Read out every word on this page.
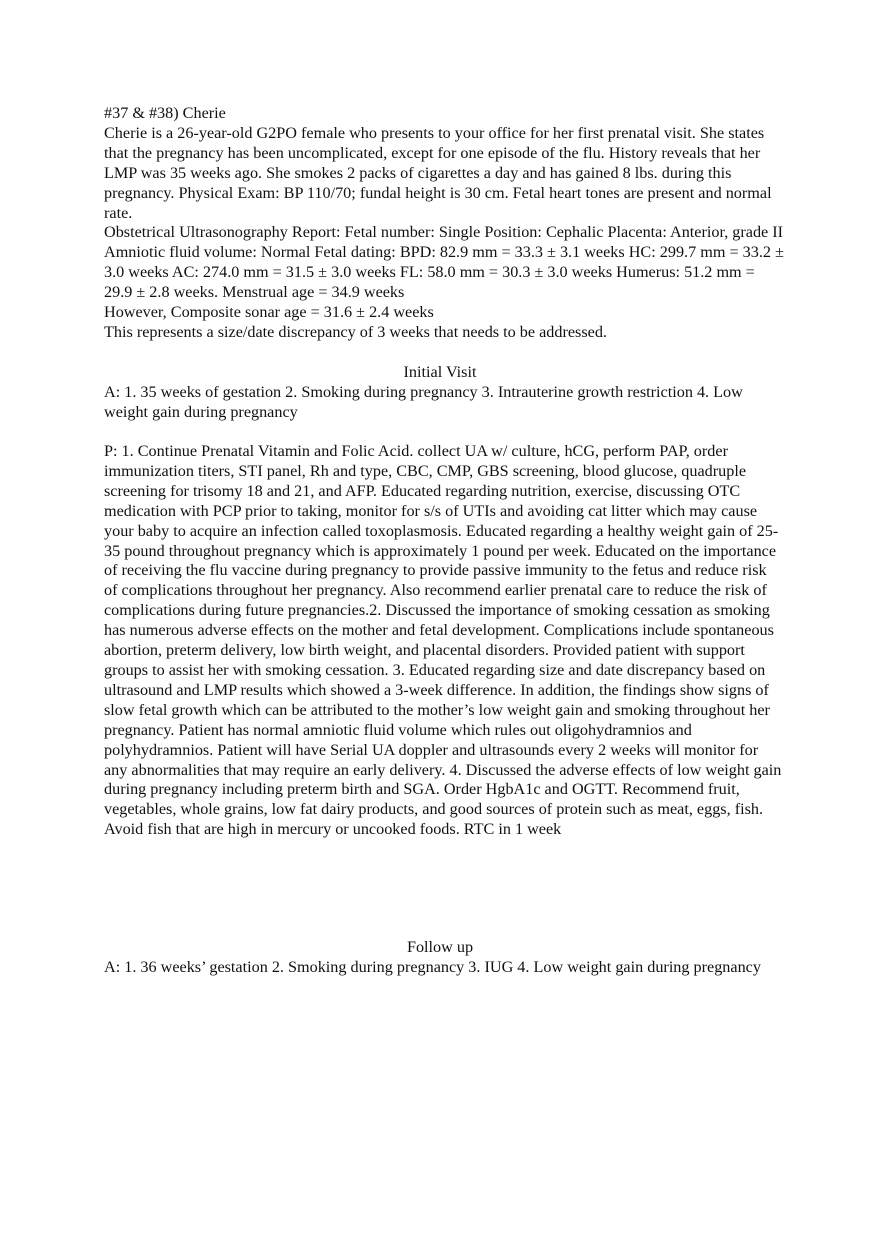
#37 & #38) Cherie

Cherie is a 26-year-old G2PO female who presents to your office for her first prenatal visit. She states that the pregnancy has been uncomplicated, except for one episode of the flu. History reveals that her LMP was 35 weeks ago. She smokes 2 packs of cigarettes a day and has gained 8 lbs. during this pregnancy. Physical Exam: BP 110/70; fundal height is 30 cm. Fetal heart tones are present and normal rate.

Obstetrical Ultrasonography Report: Fetal number: Single Position: Cephalic Placenta: Anterior, grade II Amniotic fluid volume: Normal Fetal dating: BPD: 82.9 mm = 33.3 ± 3.1 weeks HC: 299.7 mm = 33.2 ± 3.0 weeks AC: 274.0 mm = 31.5 ± 3.0 weeks FL: 58.0 mm = 30.3 ± 3.0 weeks Humerus: 51.2 mm = 29.9 ± 2.8 weeks. Menstrual age = 34.9 weeks

However, Composite sonar age = 31.6 ± 2.4 weeks

This represents a size/date discrepancy of 3 weeks that needs to be addressed.

Initial Visit

A: 1. 35 weeks of gestation 2. Smoking during pregnancy 3. Intrauterine growth restriction 4. Low weight gain during pregnancy

P: 1. Continue Prenatal Vitamin and Folic Acid. collect UA w/ culture, hCG, perform PAP, order immunization titers, STI panel, Rh and type, CBC, CMP, GBS screening, blood glucose, quadruple screening for trisomy 18 and 21, and AFP. Educated regarding nutrition, exercise, discussing OTC medication with PCP prior to taking, monitor for s/s of UTIs and avoiding cat litter which may cause your baby to acquire an infection called toxoplasmosis. Educated regarding a healthy weight gain of 25-35 pound throughout pregnancy which is approximately 1 pound per week. Educated on the importance of receiving the flu vaccine during pregnancy to provide passive immunity to the fetus and reduce risk of complications throughout her pregnancy. Also recommend earlier prenatal care to reduce the risk of complications during future pregnancies.2. Discussed the importance of smoking cessation as smoking has numerous adverse effects on the mother and fetal development. Complications include spontaneous abortion, preterm delivery, low birth weight, and placental disorders. Provided patient with support groups to assist her with smoking cessation. 3. Educated regarding size and date discrepancy based on ultrasound and LMP results which showed a 3-week difference. In addition, the findings show signs of slow fetal growth which can be attributed to the mother’s low weight gain and smoking throughout her pregnancy. Patient has normal amniotic fluid volume which rules out oligohydramnios and polyhydramnios. Patient will have Serial UA doppler and ultrasounds every 2 weeks will monitor for any abnormalities that may require an early delivery. 4. Discussed the adverse effects of low weight gain during pregnancy including preterm birth and SGA. Order HgbA1c and OGTT. Recommend fruit, vegetables, whole grains, low fat dairy products, and good sources of protein such as meat, eggs, fish. Avoid fish that are high in mercury or uncooked foods. RTC in 1 week

Follow up

A: 1. 36 weeks’ gestation 2. Smoking during pregnancy 3. IUG 4. Low weight gain during pregnancy
